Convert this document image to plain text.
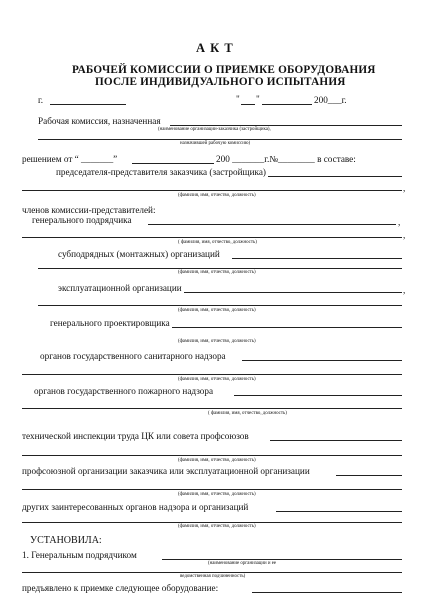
А К Т
РАБОЧЕЙ КОМИССИИ О ПРИЕМКЕ ОБОРУДОВАНИЯ
ПОСЛЕ ИНДИВИДУАЛЬНОГО ИСПЫТАНИЯ
г.	" "	200___г.
Рабочая комиссия, назначенная
(наименование организации-заказчика (застройщика),
назначившей рабочую комиссию)
решением от “ _______”	200 _______г.№________ в составе:
председателя-представителя заказчика (застройщика)
,
(фамилия, имя, отчество, должность)
членов комиссии-представителей:
генерального подрядчика	,
,
( фамилия, имя, отчество, должность)
субподрядных (монтажных) организаций
(фамилия, имя, отчество, должность)
эксплуатационной организации	,
(фамилия, имя, отчество, должность)
генерального проектировщика
(фамилия, имя, отчество, должность)
органов государственного санитарного надзора
(фамилия, имя, отчество, должность)
органов государственного пожарного надзора
( фамилия, имя, отчество, должность)
технической инспекции труда ЦК или совета профсоюзов
(фамилия, имя, отчество, должность)
профсоюзной организации заказчика или эксплуатационной организации
(фамилия, имя, отчество, должность)
других заинтересованных органов надзора и организаций
(фамилия, имя, отчество, должность)
УСТАНОВИЛА:
1. Генеральным подрядчиком
(наименование организации и ее
ведомственная подчиненность)
предъявлено к приемке следующее оборудование:
